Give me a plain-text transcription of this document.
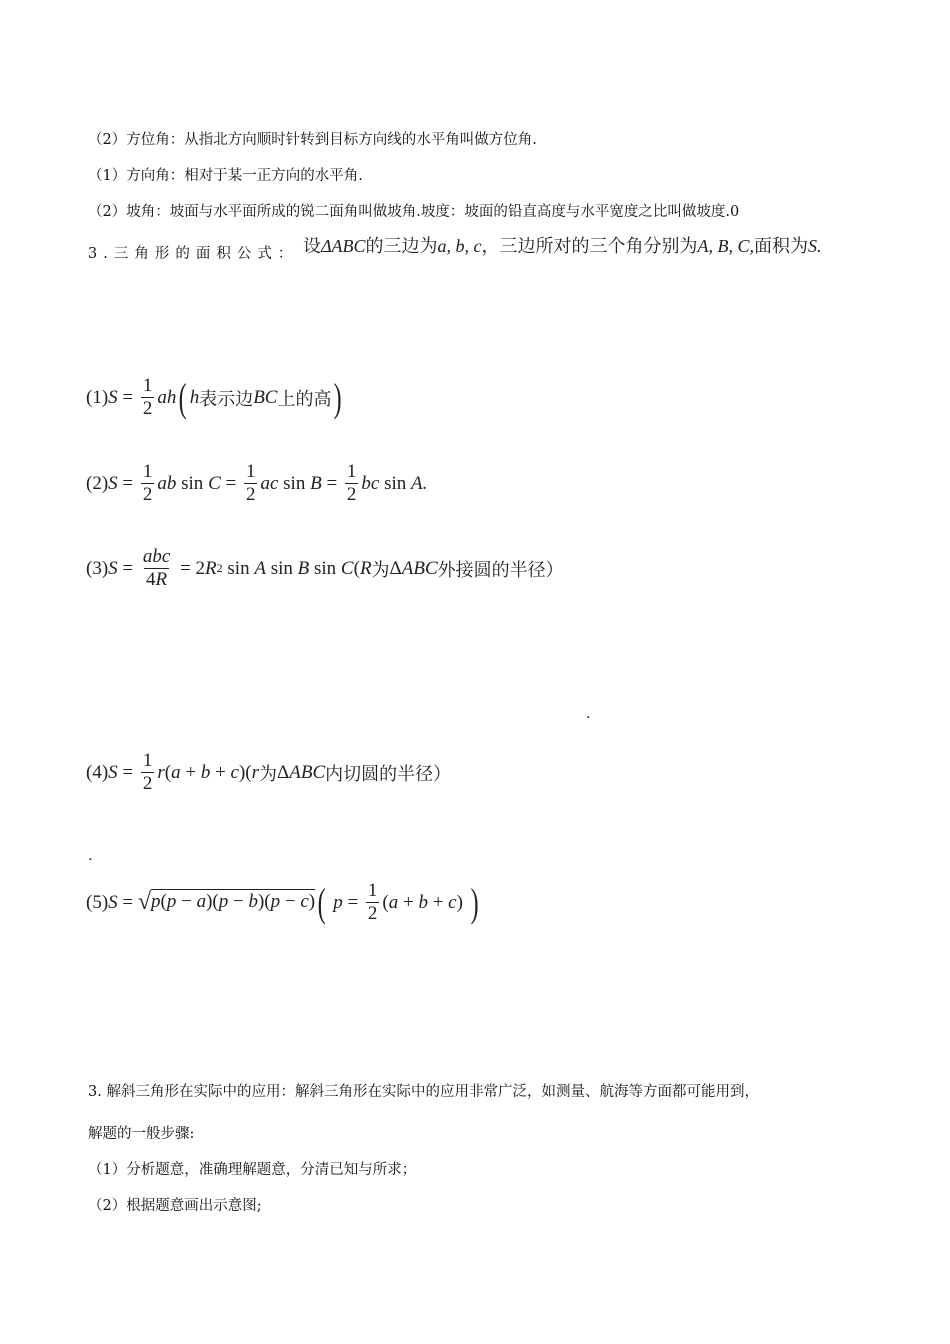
（2）方位角：从指北方向顺时针转到目标方向线的水平角叫做方位角.
（1）方向角：相对于某一正方向的水平角.
（2）坡角：坡面与水平面所成的锐二面角叫做坡角.坡度：坡面的铅直高度与水平宽度之比叫做坡度.0
3.三角形的面积公式： 设ΔABC的三边为a, b, c，三边所对的三个角分别为A, B, C,面积为S.
(1) $S = \frac{1}{2}$ ah ( h 表示边 BC 上的高 )
(2) $S = \frac{1}{2}$ ab $\sin C = \frac{1}{2}$ ac $\sin B = \frac{1}{2}$ bc sin A.
(3) $S = \frac{\text{abc}}{4R} = 2$ R 2 sin A sin B sin C ( R 为 Δ ABC 外接圆的半径）
.
(4) $S = \frac{1}{2}$ r ( a + b + c )( r 为 Δ ABC 内切圆的半径）
.
(5) S = √ p(p − a)(p − b)(p − c) (
$p = \frac{1}{2}$ ( a + b + c ) )
3. 解斜三角形在实际中的应用：解斜三角形在实际中的应用非常广泛，如测量、航海等方面都可能用到，
解题的一般步骤:
（1）分析题意，准确理解题意，分清已知与所求；
（2）根据题意画出示意图;
